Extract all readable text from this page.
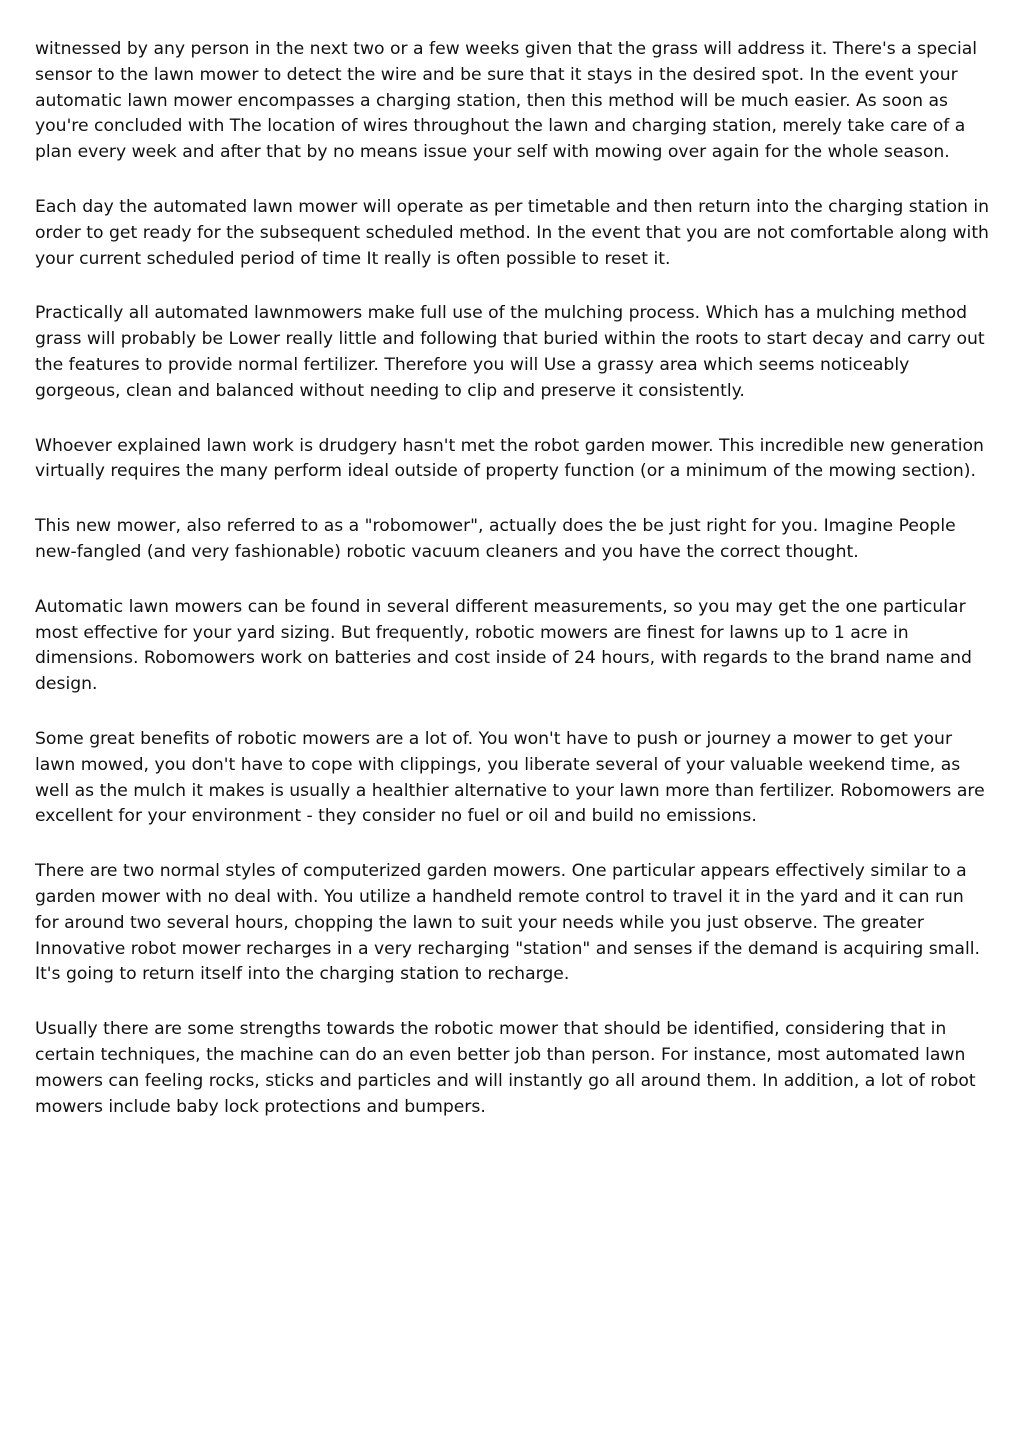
witnessed by any person in the next two or a few weeks given that the grass will address it. There's a special sensor to the lawn mower to detect the wire and be sure that it stays in the desired spot. In the event your automatic lawn mower encompasses a charging station, then this method will be much easier. As soon as you're concluded with The location of wires throughout the lawn and charging station, merely take care of a plan every week and after that by no means issue your self with mowing over again for the whole season.

Each day the automated lawn mower will operate as per timetable and then return into the charging station in order to get ready for the subsequent scheduled method. In the event that you are not comfortable along with your current scheduled period of time It really is often possible to reset it.

Practically all automated lawnmowers make full use of the mulching process. Which has a mulching method grass will probably be Lower really little and following that buried within the roots to start decay and carry out the features to provide normal fertilizer. Therefore you will Use a grassy area which seems noticeably gorgeous, clean and balanced without needing to clip and preserve it consistently.

Whoever explained lawn work is drudgery hasn't met the robot garden mower. This incredible new generation virtually requires the many perform ideal outside of property function (or a minimum of the mowing section).

This new mower, also referred to as a "robomower", actually does the be just right for you. Imagine People new-fangled (and very fashionable) robotic vacuum cleaners and you have the correct thought.

Automatic lawn mowers can be found in several different measurements, so you may get the one particular most effective for your yard sizing. But frequently, robotic mowers are finest for lawns up to 1 acre in dimensions. Robomowers work on batteries and cost inside of 24 hours, with regards to the brand name and design.

Some great benefits of robotic mowers are a lot of. You won't have to push or journey a mower to get your lawn mowed, you don't have to cope with clippings, you liberate several of your valuable weekend time, as well as the mulch it makes is usually a healthier alternative to your lawn more than fertilizer. Robomowers are excellent for your environment - they consider no fuel or oil and build no emissions.

There are two normal styles of computerized garden mowers. One particular appears effectively similar to a garden mower with no deal with. You utilize a handheld remote control to travel it in the yard and it can run for around two several hours, chopping the lawn to suit your needs while you just observe. The greater Innovative robot mower recharges in a very recharging "station" and senses if the demand is acquiring small. It's going to return itself into the charging station to recharge.

Usually there are some strengths towards the robotic mower that should be identified, considering that in certain techniques, the machine can do an even better job than person. For instance, most automated lawn mowers can feeling rocks, sticks and particles and will instantly go all around them. In addition, a lot of robot mowers include baby lock protections and bumpers.
